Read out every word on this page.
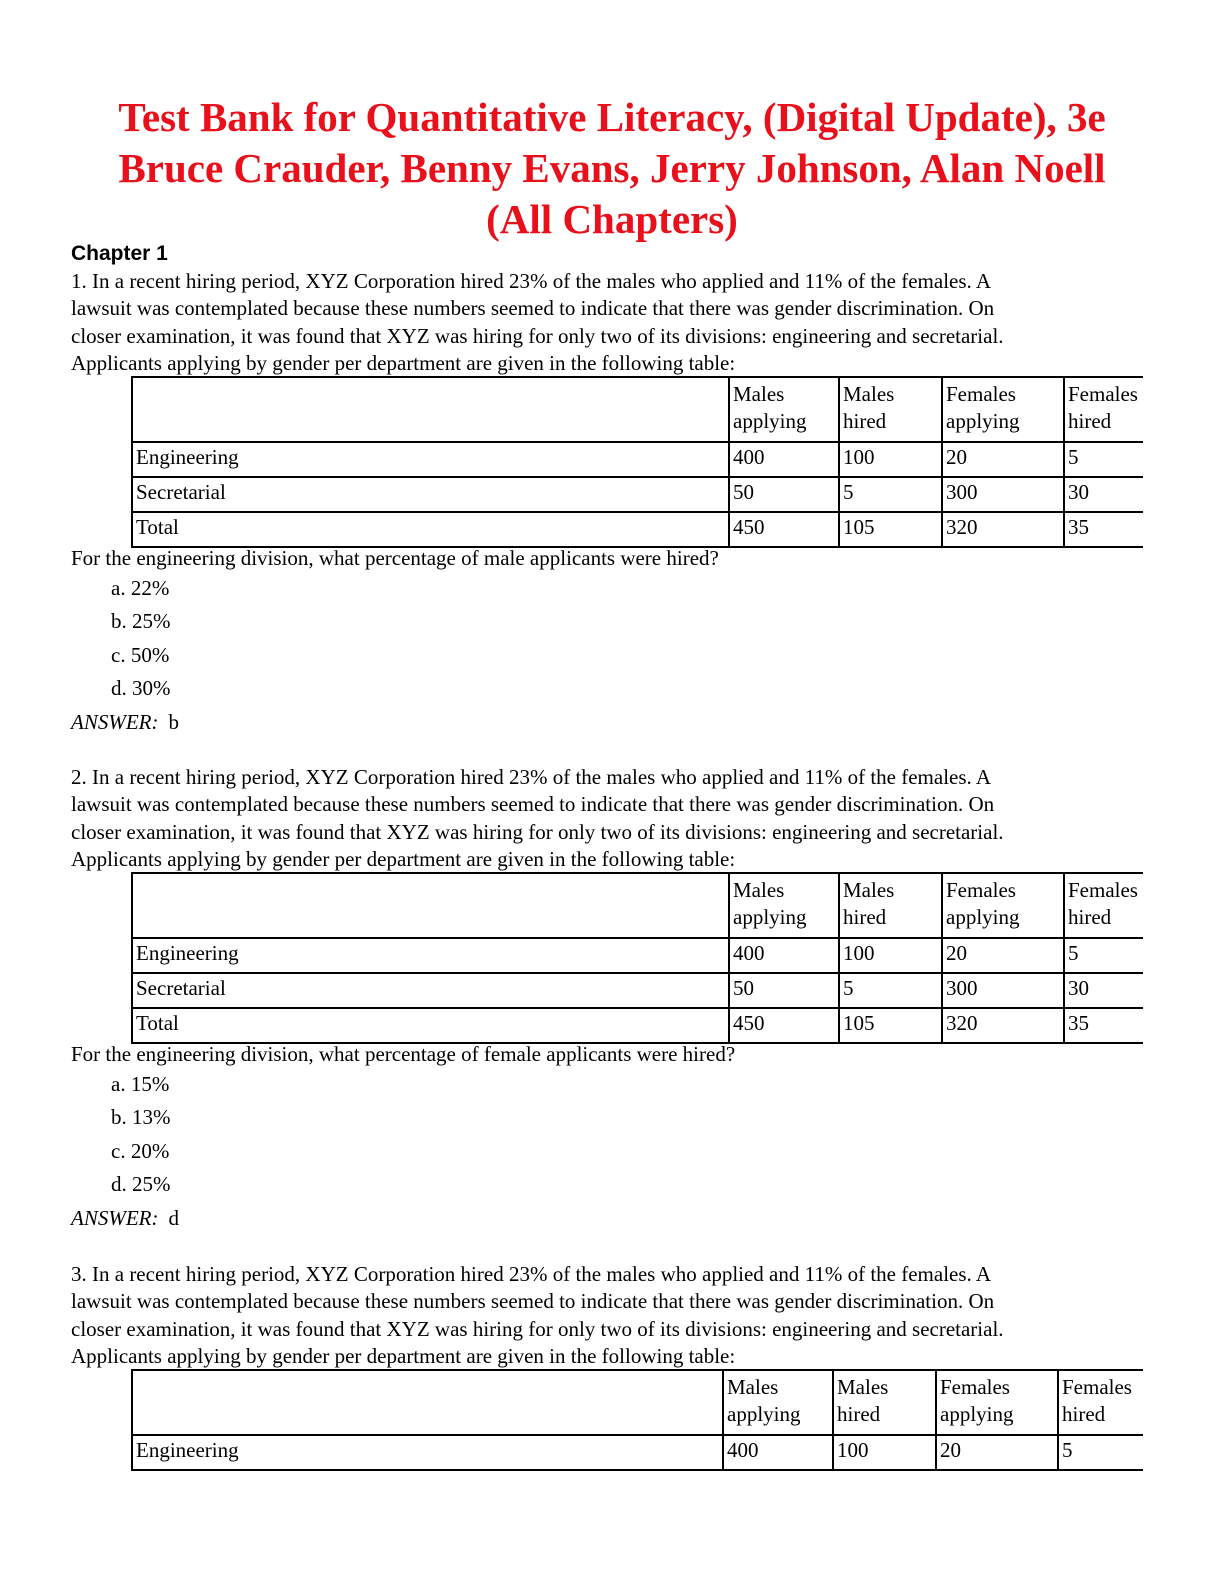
Test Bank for Quantitative Literacy, (Digital Update), 3e
Bruce Crauder, Benny Evans, Jerry Johnson, Alan Noell
(All Chapters)
Chapter 1
1. In a recent hiring period, XYZ Corporation hired 23% of the males who applied and 11% of the females. A
lawsuit was contemplated because these numbers seemed to indicate that there was gender discrimination. On
closer examination, it was found that XYZ was hiring for only two of its divisions: engineering and secretarial.
Applicants applying by gender per department are given in the following table:

	Males applying	Males hired	Females applying	Females hired

Engineering	400	100	20	5
Secretarial	50	5	300	30
Total	450	105	320	35
For the engineering division, what percentage of male applicants were hired?
a. 22%
b. 25%
c. 50%
d. 30%
ANSWER: b
2. In a recent hiring period, XYZ Corporation hired 23% of the males who applied and 11% of the females. A
lawsuit was contemplated because these numbers seemed to indicate that there was gender discrimination. On
closer examination, it was found that XYZ was hiring for only two of its divisions: engineering and secretarial.
Applicants applying by gender per department are given in the following table:

	Males applying	Males hired	Females applying	Females hired

Engineering	400	100	20	5
Secretarial	50	5	300	30
Total	450	105	320	35
For the engineering division, what percentage of female applicants were hired?
a. 15%
b. 13%
c. 20%
d. 25%
ANSWER: d
3. In a recent hiring period, XYZ Corporation hired 23% of the males who applied and 11% of the females. A
lawsuit was contemplated because these numbers seemed to indicate that there was gender discrimination. On
closer examination, it was found that XYZ was hiring for only two of its divisions: engineering and secretarial.
Applicants applying by gender per department are given in the following table:

	Males applying	Males hired	Females applying	Females hired

Engineering	400	100	20	5
